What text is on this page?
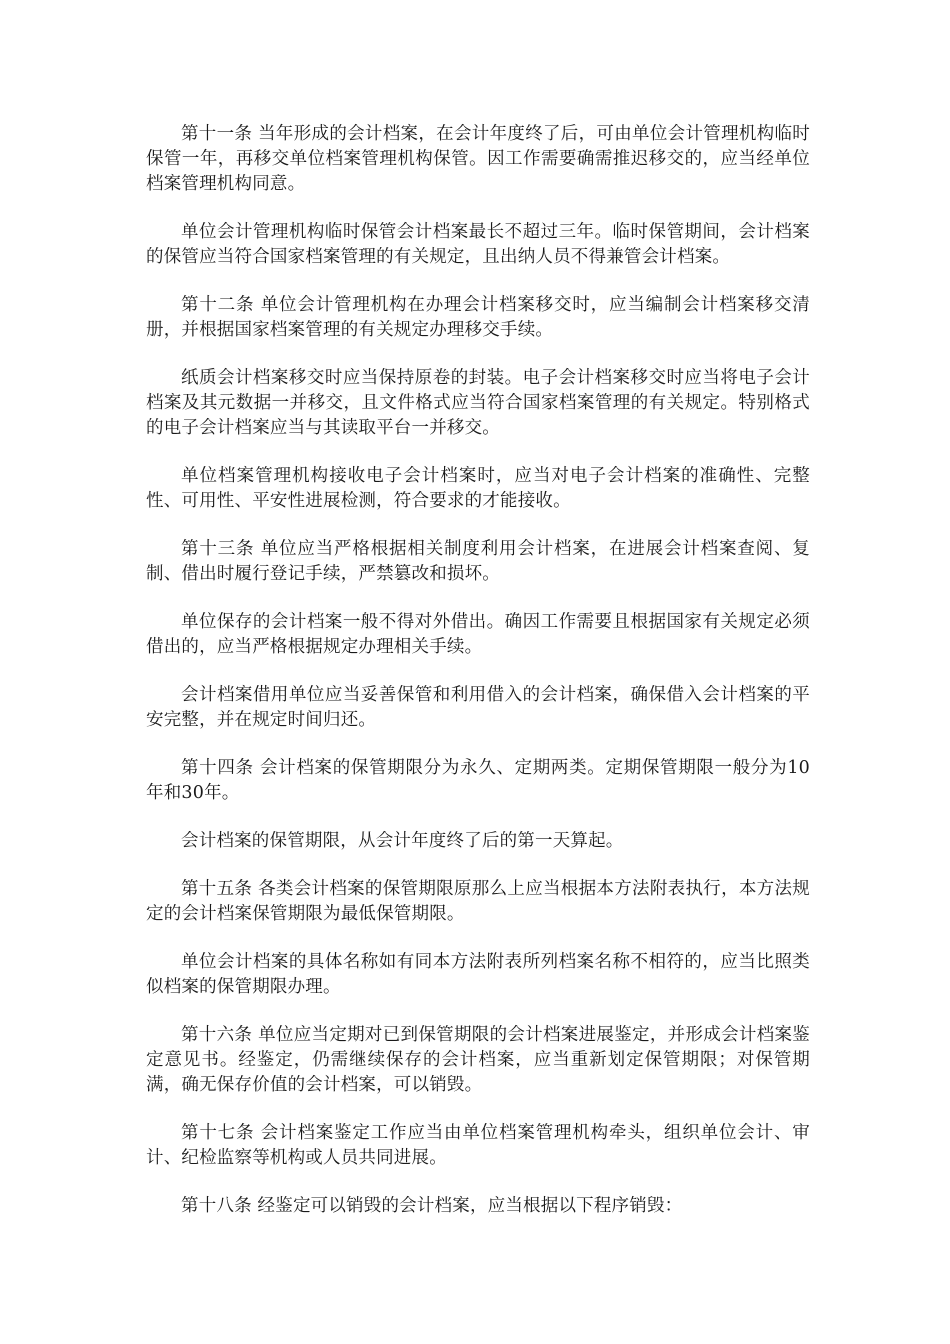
第十一条 当年形成的会计档案，在会计年度终了后，可由单位会计管理机构临时保管一年，再移交单位档案管理机构保管。因工作需要确需推迟移交的，应当经单位档案管理机构同意。

单位会计管理机构临时保管会计档案最长不超过三年。临时保管期间，会计档案的保管应当符合国家档案管理的有关规定，且出纳人员不得兼管会计档案。

第十二条 单位会计管理机构在办理会计档案移交时，应当编制会计档案移交清册，并根据国家档案管理的有关规定办理移交手续。

纸质会计档案移交时应当保持原卷的封装。电子会计档案移交时应当将电子会计档案及其元数据一并移交，且文件格式应当符合国家档案管理的有关规定。特别格式的电子会计档案应当与其读取平台一并移交。

单位档案管理机构接收电子会计档案时，应当对电子会计档案的准确性、完整性、可用性、平安性进展检测，符合要求的才能接收。

第十三条 单位应当严格根据相关制度利用会计档案，在进展会计档案查阅、复制、借出时履行登记手续，严禁篡改和损坏。

单位保存的会计档案一般不得对外借出。确因工作需要且根据国家有关规定必须借出的，应当严格根据规定办理相关手续。

会计档案借用单位应当妥善保管和利用借入的会计档案，确保借入会计档案的平安完整，并在规定时间归还。

第十四条 会计档案的保管期限分为永久、定期两类。定期保管期限一般分为10年和30年。

会计档案的保管期限，从会计年度终了后的第一天算起。

第十五条 各类会计档案的保管期限原那么上应当根据本方法附表执行，本方法规定的会计档案保管期限为最低保管期限。

单位会计档案的具体名称如有同本方法附表所列档案名称不相符的，应当比照类似档案的保管期限办理。

第十六条 单位应当定期对已到保管期限的会计档案进展鉴定，并形成会计档案鉴定意见书。经鉴定，仍需继续保存的会计档案，应当重新划定保管期限；对保管期满，确无保存价值的会计档案，可以销毁。

第十七条 会计档案鉴定工作应当由单位档案管理机构牵头，组织单位会计、审计、纪检监察等机构或人员共同进展。

第十八条 经鉴定可以销毁的会计档案，应当根据以下程序销毁：
